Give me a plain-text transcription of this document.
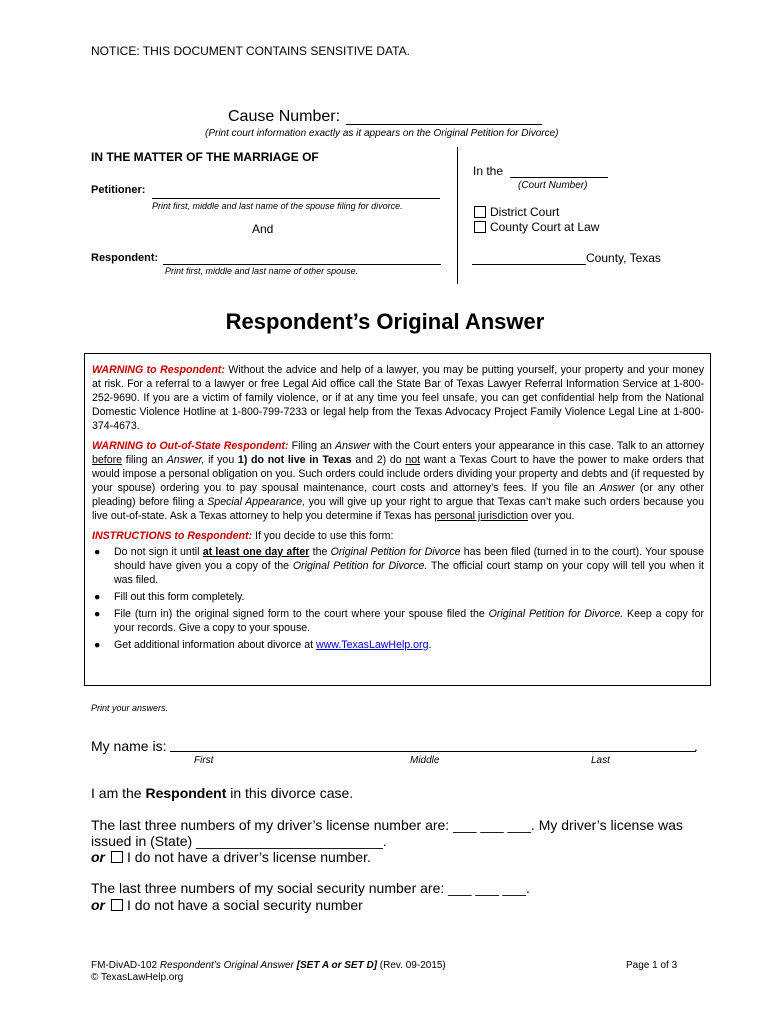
NOTICE: THIS DOCUMENT CONTAINS SENSITIVE DATA.
Cause Number:
(Print court information exactly as it appears on the Original Petition for Divorce)
IN THE MATTER OF THE MARRIAGE OF
In the
(Court Number)
District Court
County Court at Law
Petitioner:
Print first, middle and last name of the spouse filing for divorce.
And
Respondent:
Print first, middle and last name of other spouse.
County, Texas
Respondent’s Original Answer

WARNING to Respondent: Without the advice and help of a lawyer, you may be putting yourself, your property and your money at risk. For a referral to a lawyer or free Legal Aid office call the State Bar of Texas Lawyer Referral Information Service at 1-800-252-9690. If you are a victim of family violence, or if at any time you feel unsafe, you can get confidential help from the National Domestic Violence Hotline at 1-800-799-7233 or legal help from the Texas Advocacy Project Family Violence Legal Line at 1-800-374-4673.

WARNING to Out-of-State Respondent: Filing an Answer with the Court enters your appearance in this case. Talk to an attorney before filing an Answer, if you 1) do not live in Texas and 2) do not want a Texas Court to have the power to make orders that would impose a personal obligation on you. Such orders could include orders dividing your property and debts and (if requested by your spouse) ordering you to pay spousal maintenance, court costs and attorney’s fees. If you file an Answer (or any other pleading) before filing a Special Appearance, you will give up your right to argue that Texas can’t make such orders because you live out-of-state. Ask a Texas attorney to help you determine if Texas has personal jurisdiction over you.

INSTRUCTIONS to Respondent: If you decide to use this form:

● Do not sign it until at least one day after the Original Petition for Divorce has been filed (turned in to the court). Your spouse should have given you a copy of the Original Petition for Divorce. The official court stamp on your copy will tell you when it was filed.
● Fill out this form completely.
● File (turn in) the original signed form to the court where your spouse filed the Original Petition for Divorce. Keep a copy for your records. Give a copy to your spouse.
● Get additional information about divorce at www.TexasLawHelp.org.
Print your answers.
My name is:	.
First	Middle	Last
I am the Respondent in this divorce case.
The last three numbers of my driver’s license number are: ___ ___ ___. My driver’s license was
issued in (State) ________________________.
or I do not have a driver’s license number.
The last three numbers of my social security number are: ___ ___ ___.
or I do not have a social security number
FM-DivAD-102 Respondent’s Original Answer [SET A or SET D] (Rev. 09-2015)
© TexasLawHelp.org
Page 1 of 3
